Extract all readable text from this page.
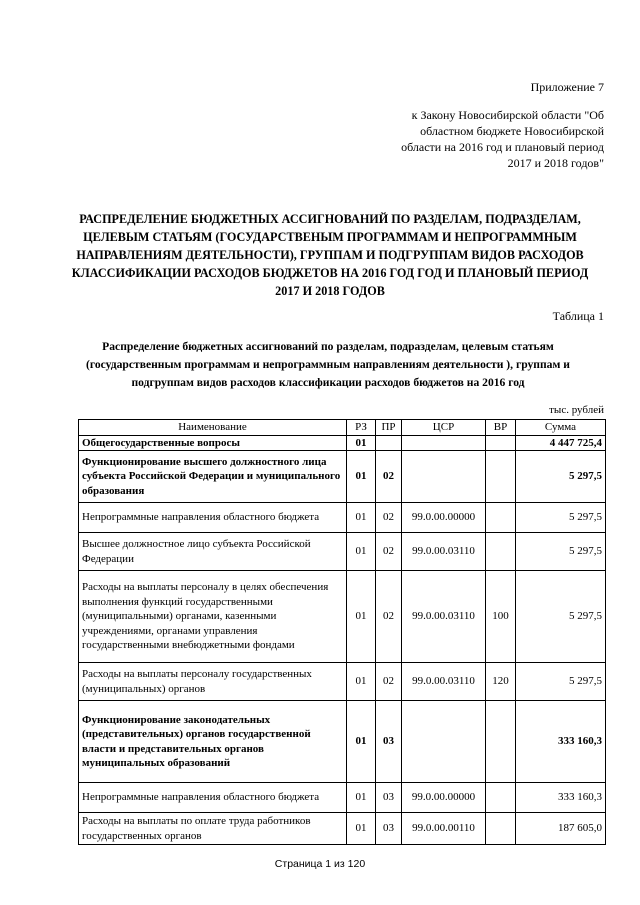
Приложение 7
к Закону Новосибирской области "Об
областном бюджете Новосибирской
области на 2016 год и плановый период
2017 и 2018 годов"
РАСПРЕДЕЛЕНИЕ БЮДЖЕТНЫХ АССИГНОВАНИЙ ПО РАЗДЕЛАМ, ПОДРАЗДЕЛАМ,
ЦЕЛЕВЫМ СТАТЬЯМ (ГОСУДАРСТВЕНЫМ ПРОГРАММАМ И НЕПРОГРАММНЫМ
НАПРАВЛЕНИЯМ ДЕЯТЕЛЬНОСТИ), ГРУППАМ И ПОДГРУППАМ ВИДОВ РАСХОДОВ
КЛАССИФИКАЦИИ РАСХОДОВ БЮДЖЕТОВ НА 2016 ГОД ГОД И ПЛАНОВЫЙ ПЕРИОД
2017 И 2018 ГОДОВ
Таблица 1
Распределение бюджетных ассигнований по разделам, подразделам, целевым статьям
(государственным программам и непрограммным направлениям деятельности ), группам и
подгруппам видов расходов классификации расходов бюджетов на 2016 год
тыс. рублей
Наименование	РЗ	ПР	ЦСР	ВР	Сумма
Общегосударственные вопросы	01				4 447 725,4
Функционирование высшего должностного лица субъекта Российской Федерации и муниципального образования	01	02			5 297,5
Непрограммные направления областного бюджета	01	02	99.0.00.00000		5 297,5
Высшее должностное лицо субъекта Российской Федерации	01	02	99.0.00.03110		5 297,5
Расходы на выплаты персоналу в целях обеспечения выполнения функций государственными (муниципальными) органами, казенными учреждениями, органами управления государственными внебюджетными фондами	01	02	99.0.00.03110	100	5 297,5
Расходы на выплаты персоналу государственных (муниципальных) органов	01	02	99.0.00.03110	120	5 297,5
Функционирование законодательных (представительных) органов государственной власти и представительных органов муниципальных образований	01	03			333 160,3
Непрограммные направления областного бюджета	01	03	99.0.00.00000		333 160,3
Расходы на выплаты по оплате труда работников государственных органов	01	03	99.0.00.00110		187 605,0
Страница 1 из 120
